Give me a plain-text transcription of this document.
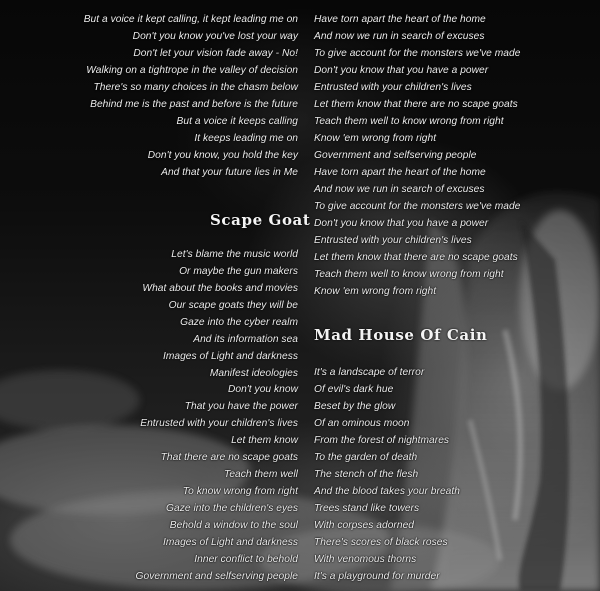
But a voice it kept calling, it kept leading me on
Don't you know you've lost your way
Don't let your vision fade away - No!
Walking on a tightrope in the valley of decision
There's so many choices in the chasm below
Behind me is the past and before is the future
But a voice it keeps calling
It keeps leading me on
Don't you know, you hold the key
And that your future lies in Me
Scape Goat
Let's blame the music world
Or maybe the gun makers
What about the books and movies
Our scape goats they will be
Gaze into the cyber realm
And its information sea
Images of Light and darkness
Manifest ideologies
Don't you know
That you have the power
Entrusted with your children's lives
Let them know
That there are no scape goats
Teach them well
To know wrong from right
Gaze into the children's eyes
Behold a window to the soul
Images of Light and darkness
Inner conflict to behold
Government and selfserving people
Have torn apart the heart of the home
And now we run in search of excuses
To give account for the monsters we've made
Don't you know that you have a power
Entrusted with your children's lives
Let them know that there are no scape goats
Teach them well to know wrong from right
Know 'em wrong from right
Government and selfserving people
Have torn apart the heart of the home
And now we run in search of excuses
To give account for the monsters we've made
Don't you know that you have a power
Entrusted with your children's lives
Let them know that there are no scape goats
Teach them well to know wrong from right
Know 'em wrong from right
Mad House Of Cain
It's a landscape of terror
Of evil's dark hue
Beset by the glow
Of an ominous moon
From the forest of nightmares
To the garden of death
The stench of the flesh
And the blood takes your breath
Trees stand like towers
With corpses adorned
There's scores of black roses
With venomous thorns
It's a playground for murder
